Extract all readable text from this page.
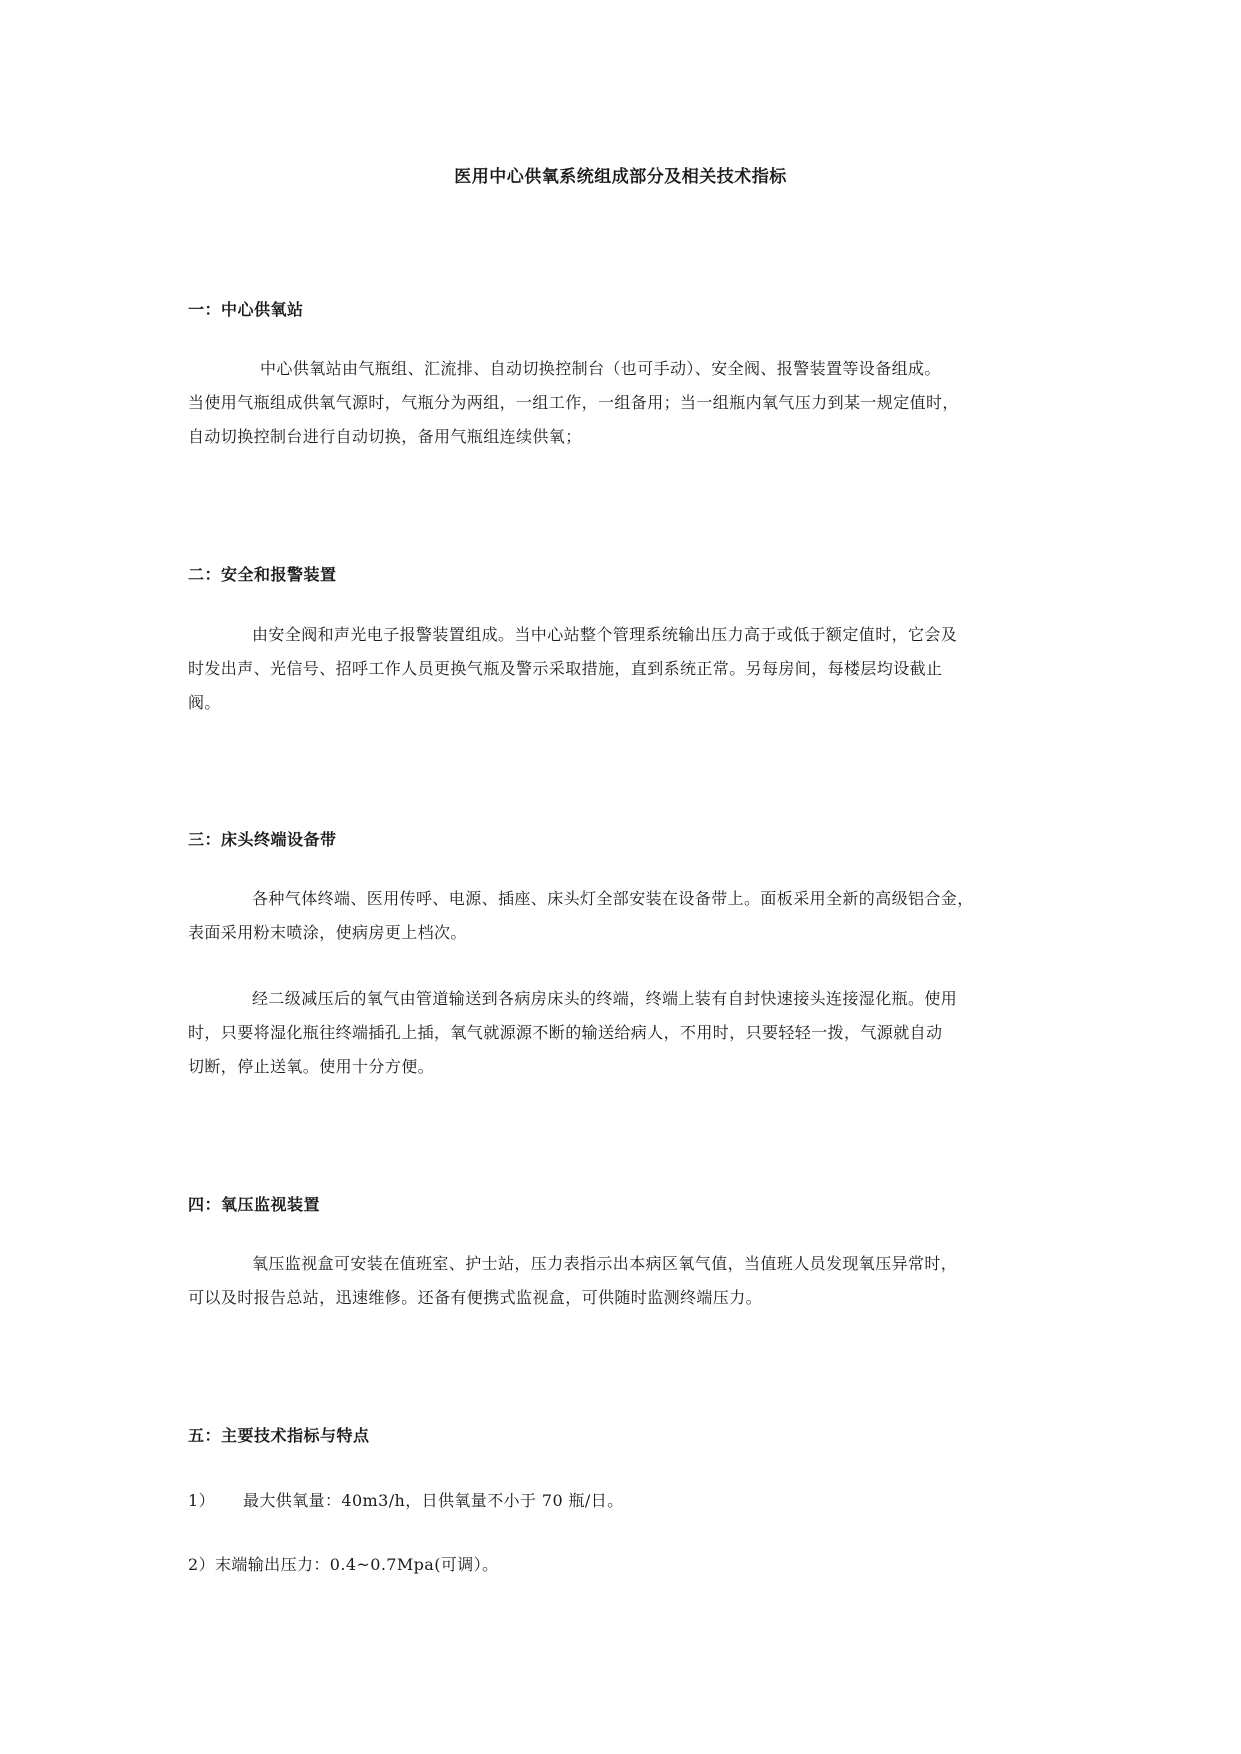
医用中心供氧系统组成部分及相关技术指标
一：中心供氧站
中心供氧站由气瓶组、汇流排、自动切换控制台（也可手动）、安全阀、报警装置等设备组成。
当使用气瓶组成供氧气源时，气瓶分为两组，一组工作，一组备用；当一组瓶内氧气压力到某一规定值时，
自动切换控制台进行自动切换，备用气瓶组连续供氧；
二：安全和报警装置
由安全阀和声光电子报警装置组成。当中心站整个管理系统输出压力高于或低于额定值时，它会及
时发出声、光信号、招呼工作人员更换气瓶及警示采取措施，直到系统正常。另每房间，每楼层均设截止
阀。
三：床头终端设备带
各种气体终端、医用传呼、电源、插座、床头灯全部安装在设备带上。面板采用全新的高级铝合金，
表面采用粉末喷涂，使病房更上档次。
经二级减压后的氧气由管道输送到各病房床头的终端，终端上装有自封快速接头连接湿化瓶。使用
时，只要将湿化瓶往终端插孔上插，氧气就源源不断的输送给病人，不用时，只要轻轻一拨，气源就自动
切断，停止送氧。使用十分方便。
四：氧压监视装置
氧压监视盒可安装在值班室、护士站，压力表指示出本病区氧气值，当值班人员发现氧压异常时，
可以及时报告总站，迅速维修。还备有便携式监视盒，可供随时监测终端压力。
五：主要技术指标与特点
1） 最大供氧量：40m3/h，日供氧量不小于 70 瓶/日。
2）末端输出压力：0.4~0.7Mpa(可调）。
